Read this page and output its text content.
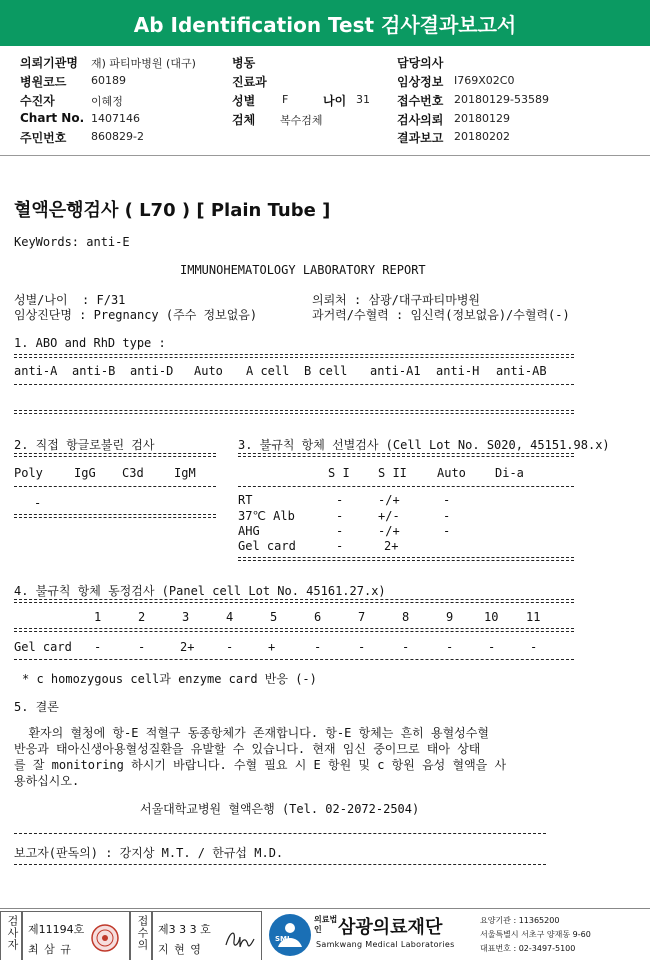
Ab Identification Test 검사결과보고서
의뢰기관명 재) 파티마병원 (대구)
병원코드 60189
수진자	이혜정
Chart No. 1407146
주민번호 860829-2
병동
진료과
성별 F	나이 31
검체 복수검체
담당의사
임상정보 I769X02C0
접수번호 20180129-53589
검사의뢰 20180129
결과보고 20180202
혈액은행검사 ( L70 ) [ Plain Tube ]
KeyWords: anti-E
IMMUNOHEMATOLOGY LABORATORY REPORT
성별/나이  : F/31	의뢰처 : 삼광/대구파티마병원
임상진단명 : Pregnancy (주수 정보없음)	과거력/수혈력 : 임신력(정보없음)/수혈력(-)
1. ABO and RhD type :
anti-A anti-B anti-D Auto A cell B cell anti-A1 anti-H anti-AB
2. 직접 항글로불린 검사
Poly	IgG C3d	IgM
-
3. 불규칙 항체 선별검사 (Cell Lot No. S020, 45151.98.x)
S I S II	Auto Di-a
RT	-	-/+	-
37℃ Alb	-	+/-	-
AHG	-	-/+	-
Gel card	-	2+
4. 불규칙 항체 동정검사 (Panel cell Lot No. 45161.27.x)
1	2	3	4	5	6	7	8	9	10 11
Gel card -	-	2+	-	+	-	-	-	-	-	-
* c homozygous cell과 enzyme card 반응 (-)
5. 결론
환자의 혈청에 항-E 적혈구 동종항체가 존재합니다. 항-E 항체는 흔히 용혈성수혈
반응과 태아신생아용혈성질환을 유발할 수 있습니다. 현재 임신 중이므로 태아 상태
를 잘 monitoring 하시기 바랍니다. 수혈 필요 시 E 항원 및 c 항원 음성 혈액을 사
용하십시오.
서울대학교병원 혈액은행 (Tel. 02-2072-2504)
보고자(판독의) : 강지상 M.T. / 한규섭 M.D.
검사자 제11194호
최 삼 규	접수의 제3 3 3 호
지 현 영
SML
의료법인 삼광의료재단
Samkwang Medical Laboratories
요양기관 : 11365200
서울특별시 서초구 양재동 9-60
대표번호 : 02-3497-5100
